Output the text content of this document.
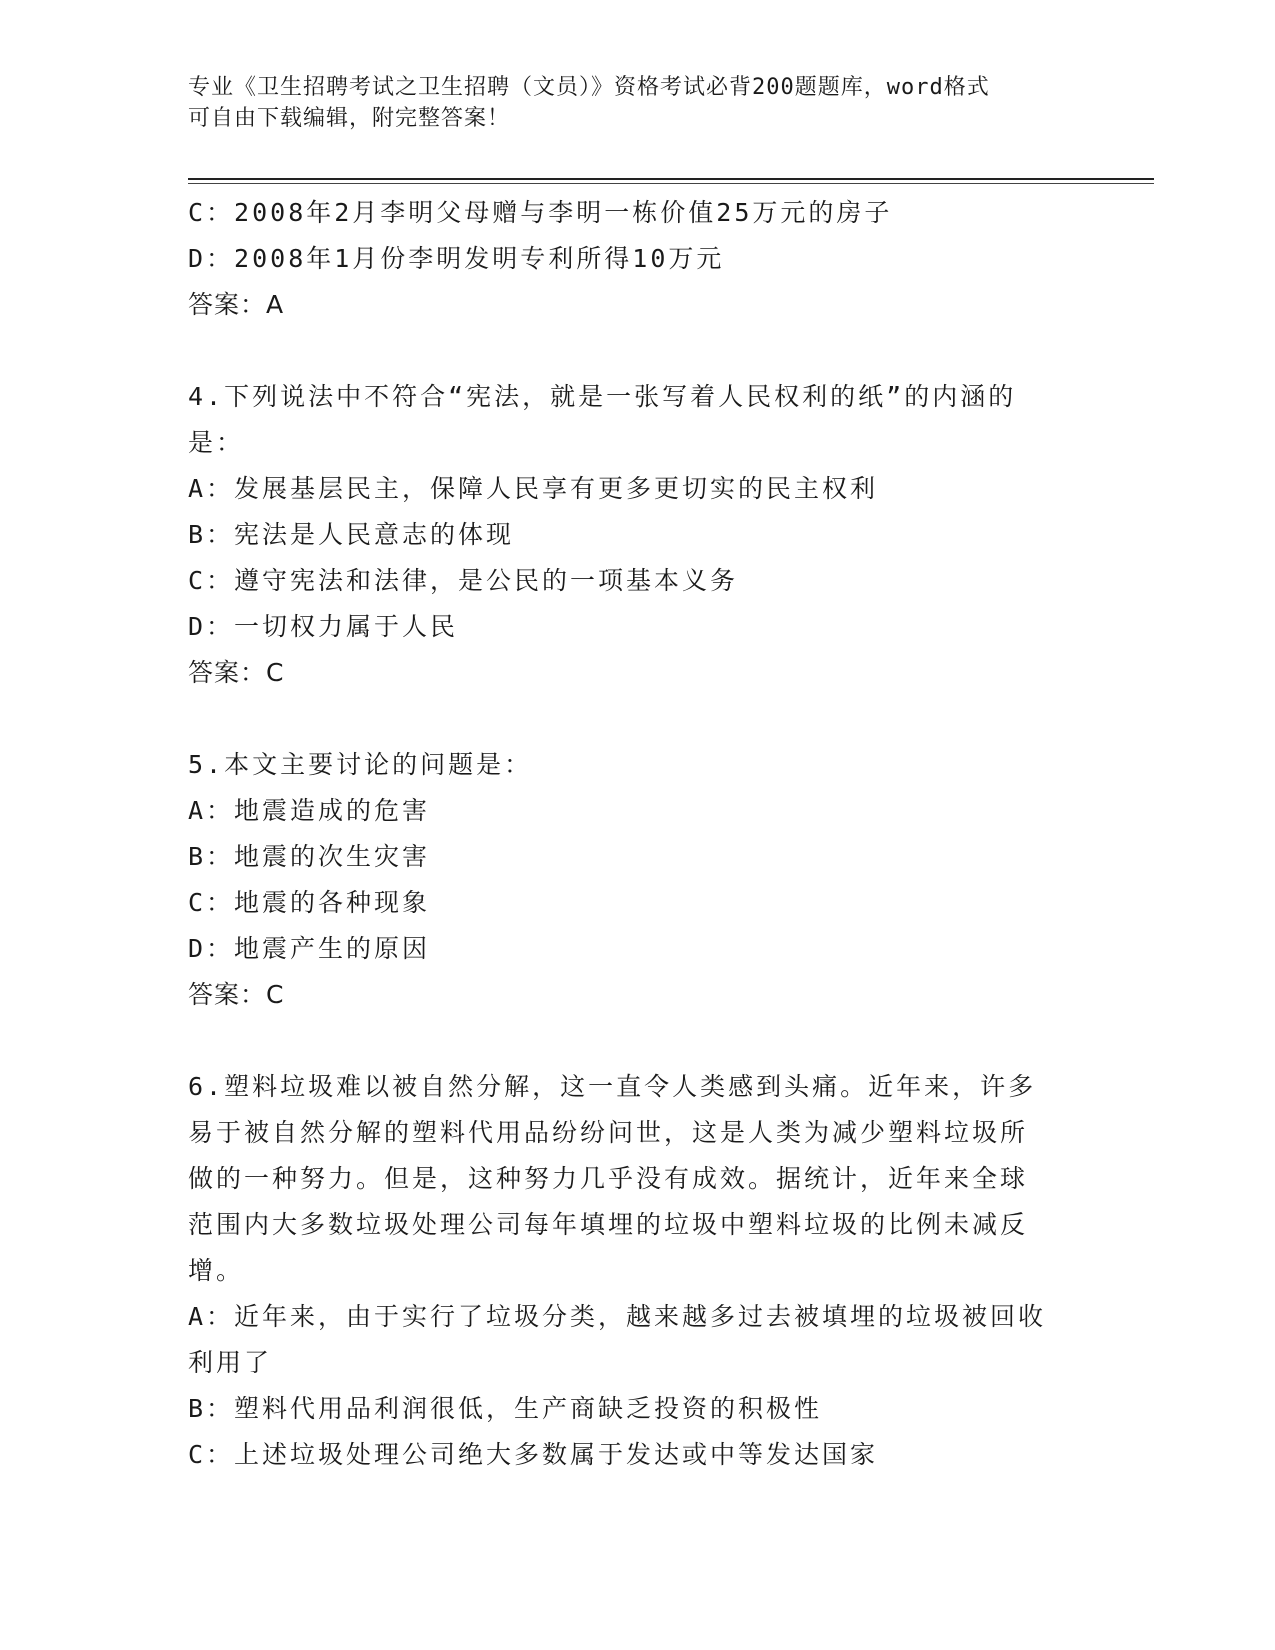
专业《卫生招聘考试之卫生招聘（文员）》资格考试必背200题题库，word格式
可自由下载编辑，附完整答案！
C：2008年2月李明父母赠与李明一栋价值25万元的房子
D：2008年1月份李明发明专利所得10万元
答案：A
4.下列说法中不符合“宪法，就是一张写着人民权利的纸”的内涵的
是：
A：发展基层民主，保障人民享有更多更切实的民主权利
B：宪法是人民意志的体现
C：遵守宪法和法律，是公民的一项基本义务
D：一切权力属于人民
答案：C
5.本文主要讨论的问题是：
A：地震造成的危害
B：地震的次生灾害
C：地震的各种现象
D：地震产生的原因
答案：C
6.塑料垃圾难以被自然分解，这一直令人类感到头痛。近年来，许多
易于被自然分解的塑料代用品纷纷问世，这是人类为减少塑料垃圾所
做的一种努力。但是，这种努力几乎没有成效。据统计，近年来全球
范围内大多数垃圾处理公司每年填埋的垃圾中塑料垃圾的比例未减反
增。
A：近年来，由于实行了垃圾分类，越来越多过去被填埋的垃圾被回收
利用了
B：塑料代用品利润很低，生产商缺乏投资的积极性
C：上述垃圾处理公司绝大多数属于发达或中等发达国家
